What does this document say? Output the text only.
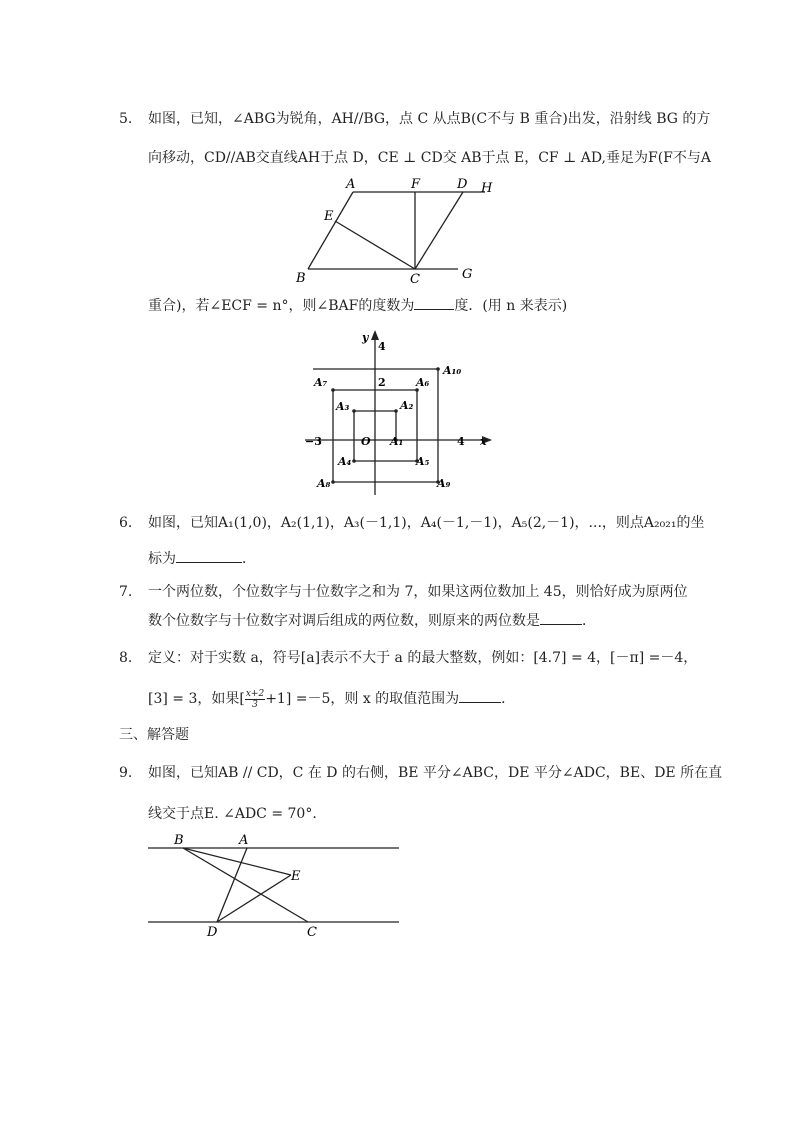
5. 如图，已知，∠ABG为锐角，AH//BG，点 C 从点B(C不与 B 重合)出发，沿射线 BG 的方
向移动，CD//AB交直线AH于点 D，CE ⊥ CD交 AB于点 E，CF ⊥ AD,垂足为F(F不与A
A	F	D H
E
B	C	G
重合)，若∠ECF = n°，则∠BAF的度数为	度．(用 n 来表示)
y
x
4
2
−3	4
O A₁
A₂
A₃
A₄	A₅
A₆
A₇
A₈	A₉
A₁₀
6. 如图，已知A₁(1,0)，A₂(1,1)，A₃(－1,1)，A₄(－1,－1)，A₅(2,－1)，...，则点A₂₀₂₁的坐
标为	．
7. 一个两位数，个位数字与十位数字之和为 7，如果这两位数加上 45，则恰好成为原两位
数个位数字与十位数字对调后组成的两位数，则原来的两位数是	．
8. 定义：对于实数 a，符号[a]表示不大于 a 的最大整数，例如：[4.7] = 4，[－π] =－4，
[3] = 3，如果[ $\frac{x+2}{3} +1] =-5$，则 x 的取值范围为	．
三、解答题
9. 如图，已知AB // CD，C 在 D 的右侧，BE 平分∠ABC，DE 平分∠ADC，BE、DE 所在直
线交于点E. ∠ADC = 70°.
B	A
E
D	C
